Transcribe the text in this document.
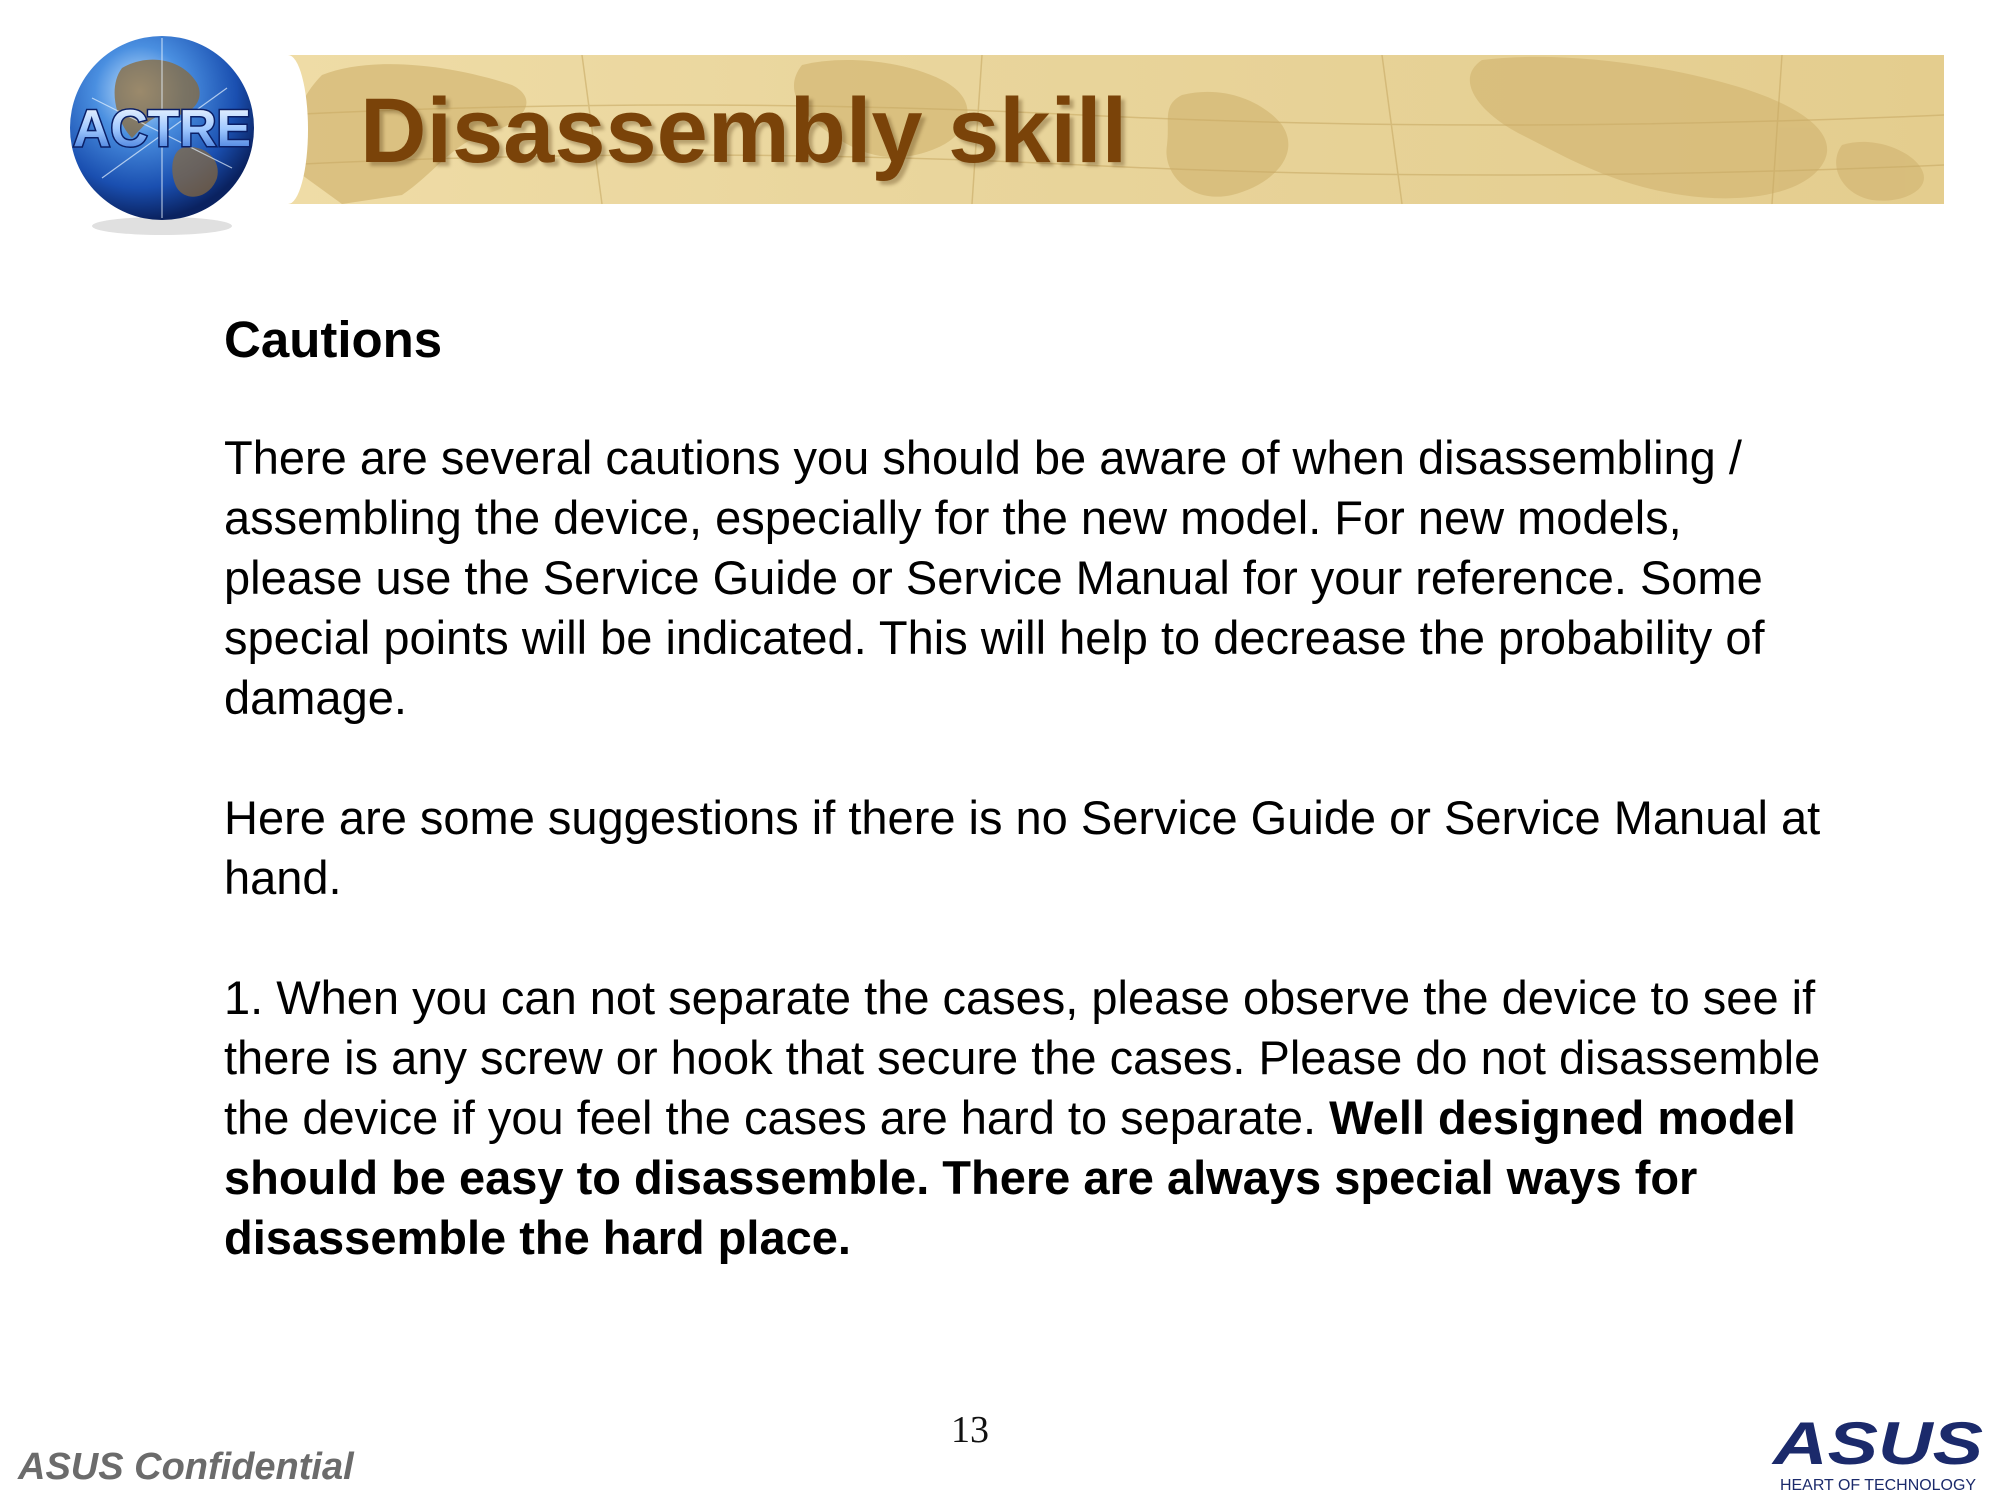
Disassembly skill
ACTRE
Cautions
There are several cautions you should be aware of when disassembling / assembling the device, especially for the new model. For new models, please use the Service Guide or Service Manual for your reference. Some special points will be indicated. This will help to decrease the probability of damage.
Here are some suggestions if there is no Service Guide or Service Manual at hand.
1. When you can not separate the cases, please observe the device to see if there is any screw or hook that secure the cases. Please do not disassemble the device if you feel the cases are hard to separate. Well designed model should be easy to disassemble. There are always special ways for disassemble the hard place.
13
ASUS Confidential	ASUS
HEART OF TECHNOLOGY
